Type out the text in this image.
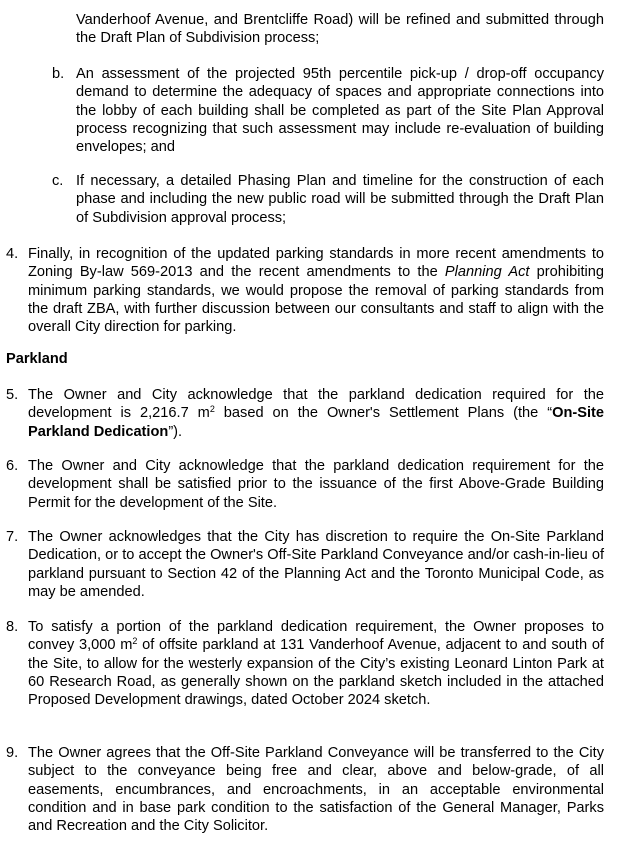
Vanderhoof Avenue, and Brentcliffe Road) will be refined and submitted through the Draft Plan of Subdivision process;
b. An assessment of the projected 95th percentile pick-up / drop-off occupancy demand to determine the adequacy of spaces and appropriate connections into the lobby of each building shall be completed as part of the Site Plan Approval process recognizing that such assessment may include re-evaluation of building envelopes; and
c. If necessary, a detailed Phasing Plan and timeline for the construction of each phase and including the new public road will be submitted through the Draft Plan of Subdivision approval process;
4. Finally, in recognition of the updated parking standards in more recent amendments to Zoning By-law 569-2013 and the recent amendments to the Planning Act prohibiting minimum parking standards, we would propose the removal of parking standards from the draft ZBA, with further discussion between our consultants and staff to align with the overall City direction for parking.
Parkland
5. The Owner and City acknowledge that the parkland dedication required for the development is 2,216.7 $m^2$ based on the Owner's Settlement Plans (the “On-Site Parkland Dedication”).
6. The Owner and City acknowledge that the parkland dedication requirement for the development shall be satisfied prior to the issuance of the first Above-Grade Building Permit for the development of the Site.
7. The Owner acknowledges that the City has discretion to require the On-Site Parkland Dedication, or to accept the Owner's Off-Site Parkland Conveyance and/or cash-in-lieu of parkland pursuant to Section 42 of the Planning Act and the Toronto Municipal Code, as may be amended.
8. To satisfy a portion of the parkland dedication requirement, the Owner proposes to convey 3,000 $m^2$ of offsite parkland at 131 Vanderhoof Avenue, adjacent to and south of the Site, to allow for the westerly expansion of the City’s existing Leonard Linton Park at 60 Research Road, as generally shown on the parkland sketch included in the attached Proposed Development drawings, dated October 2024 sketch.
9. The Owner agrees that the Off-Site Parkland Conveyance will be transferred to the City subject to the conveyance being free and clear, above and below-grade, of all easements, encumbrances, and encroachments, in an acceptable environmental condition and in base park condition to the satisfaction of the General Manager, Parks and Recreation and the City Solicitor.
